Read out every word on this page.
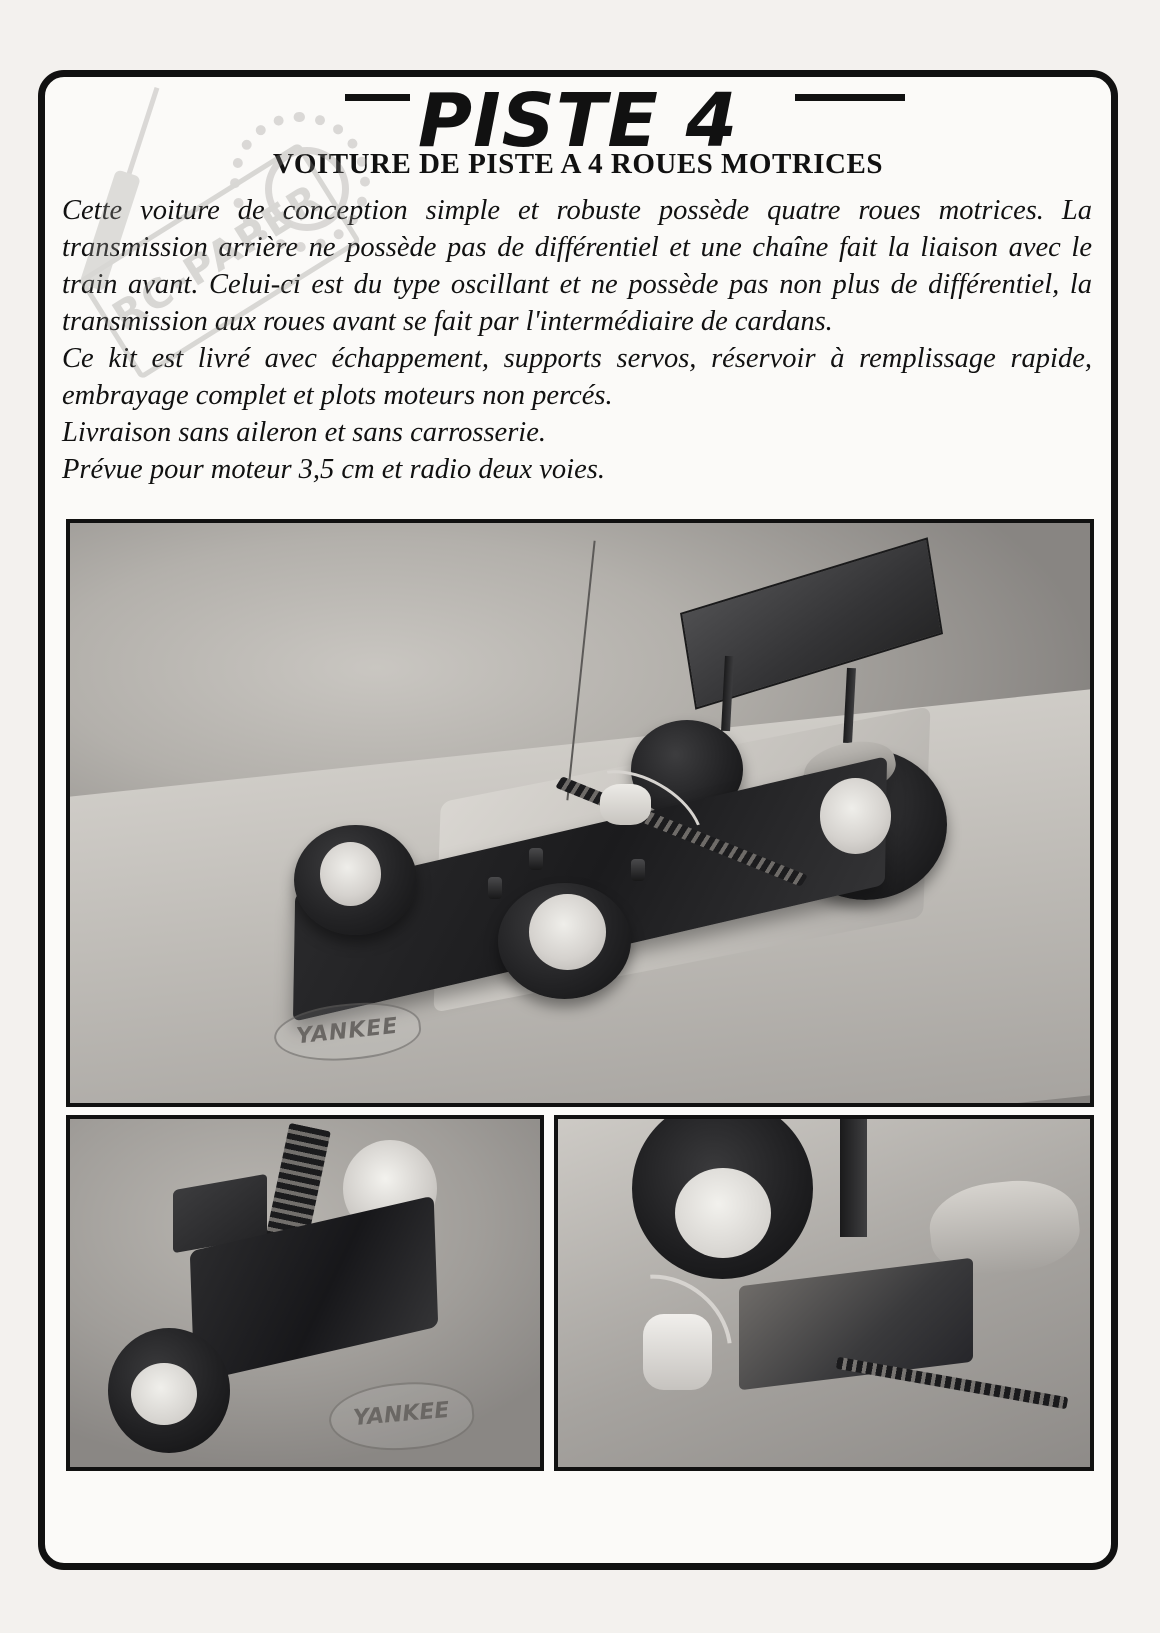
PISTE 4
VOITURE DE PISTE A 4 ROUES MOTRICES

Cette voiture de conception simple et robuste possède quatre roues motrices. La transmission arrière ne possède pas de différentiel et une chaîne fait la liaison avec le train avant. Celui-ci est du type oscillant et ne possède pas non plus de différentiel, la transmission aux roues avant se fait par l'intermédiaire de cardans.

Ce kit est livré avec échappement, supports servos, réservoir à remplissage rapide, embrayage complet et plots moteurs non percés.

Livraison sans aileron et sans carrosserie.

Prévue pour moteur 3,5 cm et radio deux voies.

YANKEE
YANKEE
RC-PAPER
